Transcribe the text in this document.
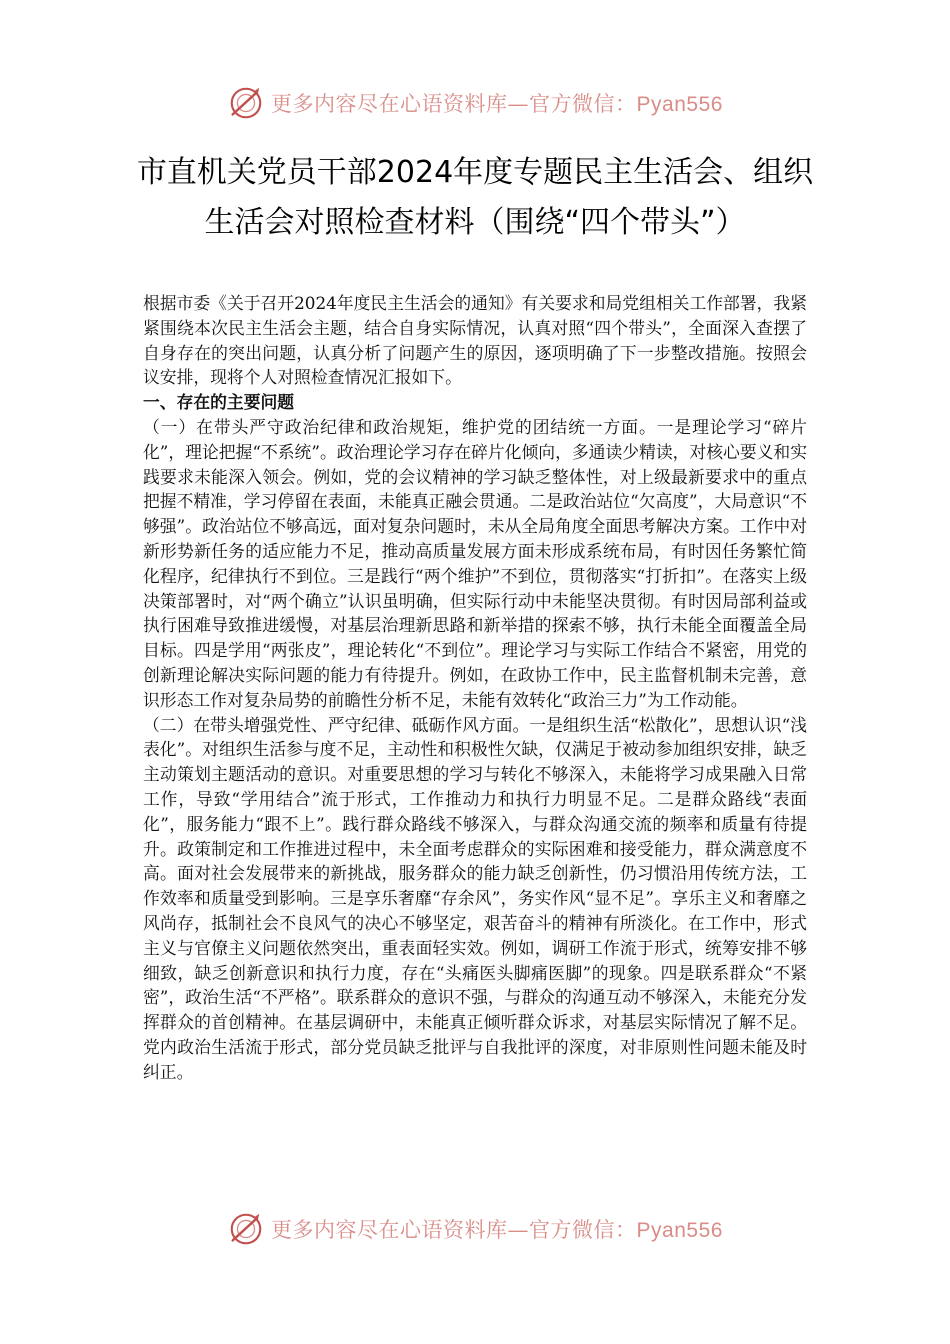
更多内容尽在心语资料库—官方微信：Pyan556
市直机关党员干部2024年度专题民主生活会、组织
生活会对照检查材料（围绕“四个带头”）

根据市委《关于召开2024年度民主生活会的通知》有关要求和局党组相关工作部署，我紧紧围绕本次民主生活会主题，结合自身实际情况，认真对照“四个带头”，全面深入查摆了自身存在的突出问题，认真分析了问题产生的原因，逐项明确了下一步整改措施。按照会议安排，现将个人对照检查情况汇报如下。

一、存在的主要问题

（一）在带头严守政治纪律和政治规矩，维护党的团结统一方面。一是理论学习“碎片化”，理论把握“不系统”。政治理论学习存在碎片化倾向，多通读少精读，对核心要义和实践要求未能深入领会。例如，党的会议精神的学习缺乏整体性，对上级最新要求中的重点把握不精准，学习停留在表面，未能真正融会贯通。二是政治站位“欠高度”，大局意识“不够强”。政治站位不够高远，面对复杂问题时，未从全局角度全面思考解决方案。工作中对新形势新任务的适应能力不足，推动高质量发展方面未形成系统布局，有时因任务繁忙简化程序，纪律执行不到位。三是践行“两个维护”不到位，贯彻落实“打折扣”。在落实上级决策部署时，对“两个确立”认识虽明确，但实际行动中未能坚决贯彻。有时因局部利益或执行困难导致推进缓慢，对基层治理新思路和新举措的探索不够，执行未能全面覆盖全局目标。四是学用“两张皮”，理论转化“不到位”。理论学习与实际工作结合不紧密，用党的创新理论解决实际问题的能力有待提升。例如，在政协工作中，民主监督机制未完善，意识形态工作对复杂局势的前瞻性分析不足，未能有效转化“政治三力”为工作动能。

（二）在带头增强党性、严守纪律、砥砺作风方面。一是组织生活“松散化”，思想认识“浅表化”。对组织生活参与度不足，主动性和积极性欠缺，仅满足于被动参加组织安排，缺乏主动策划主题活动的意识。对重要思想的学习与转化不够深入，未能将学习成果融入日常工作，导致“学用结合”流于形式，工作推动力和执行力明显不足。二是群众路线“表面化”，服务能力“跟不上”。践行群众路线不够深入，与群众沟通交流的频率和质量有待提升。政策制定和工作推进过程中，未全面考虑群众的实际困难和接受能力，群众满意度不高。面对社会发展带来的新挑战，服务群众的能力缺乏创新性，仍习惯沿用传统方法，工作效率和质量受到影响。三是享乐奢靡“存余风”，务实作风“显不足”。享乐主义和奢靡之风尚存，抵制社会不良风气的决心不够坚定，艰苦奋斗的精神有所淡化。在工作中，形式主义与官僚主义问题依然突出，重表面轻实效。例如，调研工作流于形式，统筹安排不够细致，缺乏创新意识和执行力度，存在“头痛医头脚痛医脚”的现象。四是联系群众“不紧密”，政治生活“不严格”。联系群众的意识不强，与群众的沟通互动不够深入，未能充分发挥群众的首创精神。在基层调研中，未能真正倾听群众诉求，对基层实际情况了解不足。党内政治生活流于形式，部分党员缺乏批评与自我批评的深度，对非原则性问题未能及时纠正。

更多内容尽在心语资料库—官方微信：Pyan556
